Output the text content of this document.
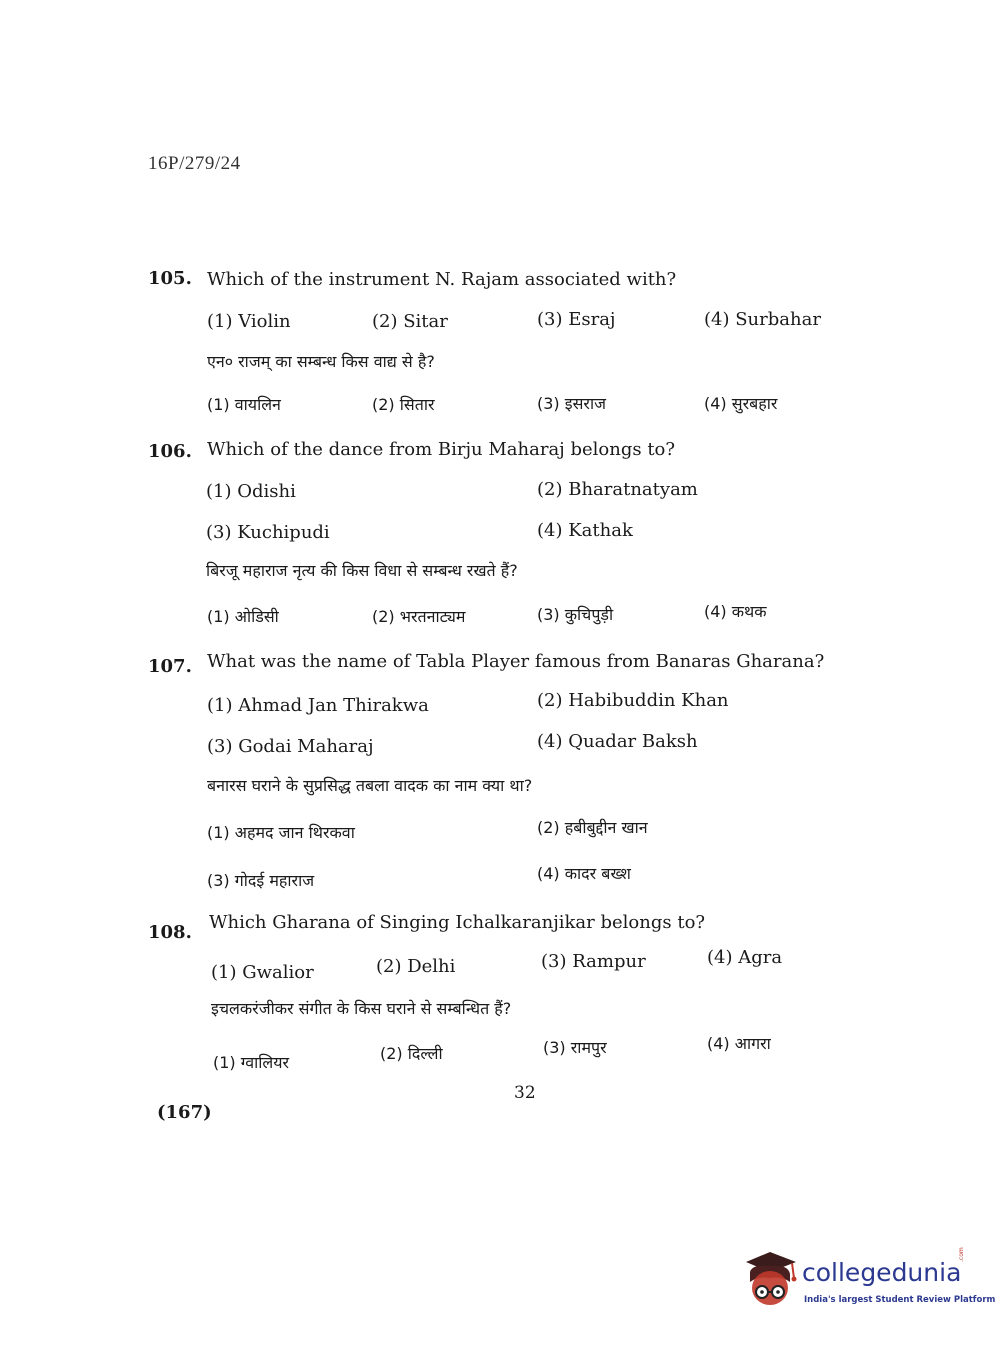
16P/279/24
105. Which of the instrument N. Rajam associated with?
(1) Violin	(2) Sitar	(3) Esraj	(4) Surbahar
एन० राजम् का सम्बन्ध किस वाद्य से है?
(1) वायलिन	(2) सितार	(3) इसराज	(4) सुरबहार
106. Which of the dance from Birju Maharaj belongs to?
(1) Odishi	(2) Bharatnatyam
(3) Kuchipudi	(4) Kathak
बिरजू महाराज नृत्य की किस विधा से सम्बन्ध रखते हैं?
(1) ओडिसी	(2) भरतनाट्यम	(3) कुचिपुड़ी	(4) कथक
107. What was the name of Tabla Player famous from Banaras Gharana?
(1) Ahmad Jan Thirakwa	(2) Habibuddin Khan
(3) Godai Maharaj	(4) Quadar Baksh
बनारस घराने के सुप्रसिद्ध तबला वादक का नाम क्या था?
(1) अहमद जान थिरकवा	(2) हबीबुद्दीन खान
(3) गोदई महाराज	(4) कादर बख्श
108. Which Gharana of Singing Ichalkaranjikar belongs to?
(1) Gwalior	(2) Delhi	(3) Rampur	(4) Agra
इचलकरंजीकर संगीत के किस घराने से सम्बन्धित हैं?
(1) ग्वालियर	(2) दिल्ली	(3) रामपुर	(4) आगरा
32
(167)
collegedunia
.com
India's largest Student Review Platform
